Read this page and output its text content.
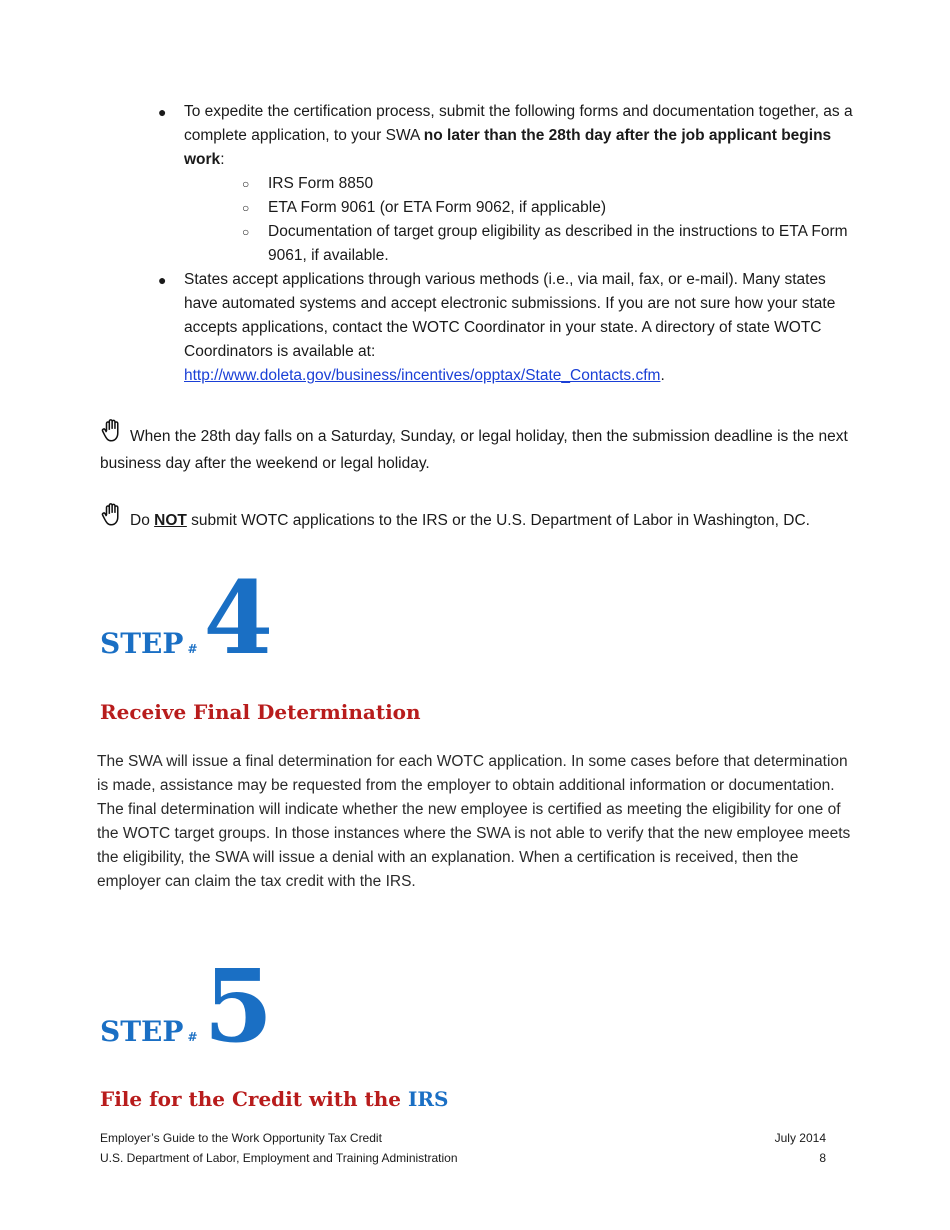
● To expedite the certification process, submit the following forms and documentation together, as a complete application, to your SWA no later than the 28th day after the job applicant begins work:
○ IRS Form 8850
○ ETA Form 9061 (or ETA Form 9062, if applicable)
○ Documentation of target group eligibility as described in the instructions to ETA Form 9061, if available.
● States accept applications through various methods (i.e., via mail, fax, or e-mail). Many states have automated systems and accept electronic submissions. If you are not sure how your state accepts applications, contact the WOTC Coordinator in your state. A directory of state WOTC Coordinators is available at:
http://www.doleta.gov/business/incentives/opptax/State_Contacts.cfm.
When the 28th day falls on a Saturday, Sunday, or legal holiday, then the submission deadline is the next business day after the weekend or legal holiday.
Do NOT submit WOTC applications to the IRS or the U.S. Department of Labor in Washington, DC.
STEP #4
Receive Final Determination
The SWA will issue a final determination for each WOTC application. In some cases before that determination is made, assistance may be requested from the employer to obtain additional information or documentation. The final determination will indicate whether the new employee is certified as meeting the eligibility for one of the WOTC target groups. In those instances where the SWA is not able to verify that the new employee meets the eligibility, the SWA will issue a denial with an explanation. When a certification is received, then the employer can claim the tax credit with the IRS.
STEP #5
File for the Credit with the IRS
Employer’s Guide to the Work Opportunity Tax Credit	July 2014
U.S. Department of Labor, Employment and Training Administration	8
